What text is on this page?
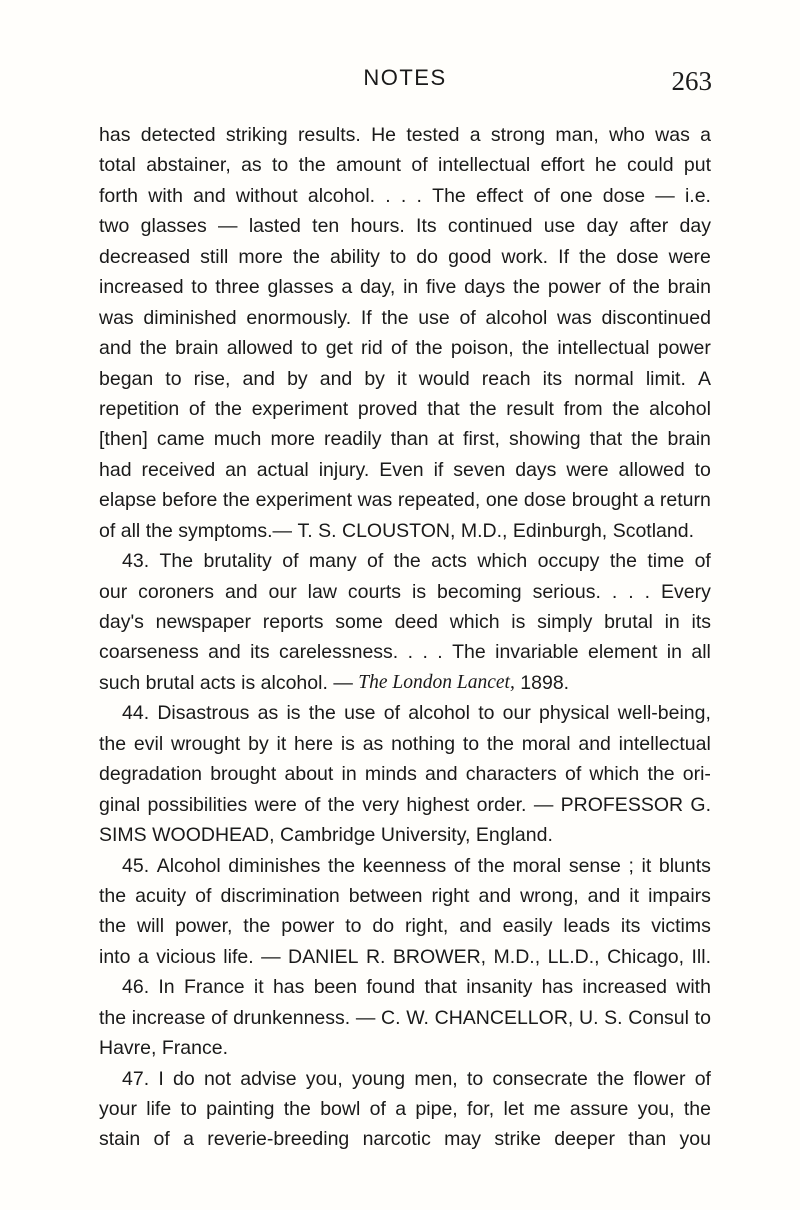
NOTES	263
has detected striking results. He tested a strong man, who was a
total abstainer, as to the amount of intellectual effort he could put
forth with and without alcohol. . . . The effect of one dose — i.e.
two glasses — lasted ten hours. Its continued use day after day
decreased still more the ability to do good work. If the dose were
increased to three glasses a day, in five days the power of the brain
was diminished enormously. If the use of alcohol was discontinued
and the brain allowed to get rid of the poison, the intellectual power
began to rise, and by and by it would reach its normal limit. A
repetition of the experiment proved that the result from the alcohol
[then] came much more readily than at first, showing that the brain
had received an actual injury. Even if seven days were allowed to
elapse before the experiment was repeated, one dose brought a return
of all the symptoms.— T. S. CLOUSTON, M.D., Edinburgh, Scotland.
43. The brutality of many of the acts which occupy the time of
our coroners and our law courts is becoming serious. . . . Every
day's newspaper reports some deed which is simply brutal in its
coarseness and its carelessness. . . . The invariable element in all
such brutal acts is alcohol. — The London Lancet, 1898.
44. Disastrous as is the use of alcohol to our physical well-being,
the evil wrought by it here is as nothing to the moral and intellectual
degradation brought about in minds and characters of which the ori-
ginal possibilities were of the very highest order. — PROFESSOR G.
SIMS WOODHEAD, Cambridge University, England.
45. Alcohol diminishes the keenness of the moral sense ; it blunts
the acuity of discrimination between right and wrong, and it impairs
the will power, the power to do right, and easily leads its victims
into a vicious life. — DANIEL R. BROWER, M.D., LL.D., Chicago, Ill.
46. In France it has been found that insanity has increased with
the increase of drunkenness. — C. W. CHANCELLOR, U. S. Consul to
Havre, France.
47. I do not advise you, young men, to consecrate the flower of
your life to painting the bowl of a pipe, for, let me assure you, the
stain of a reverie-breeding narcotic may strike deeper than you
